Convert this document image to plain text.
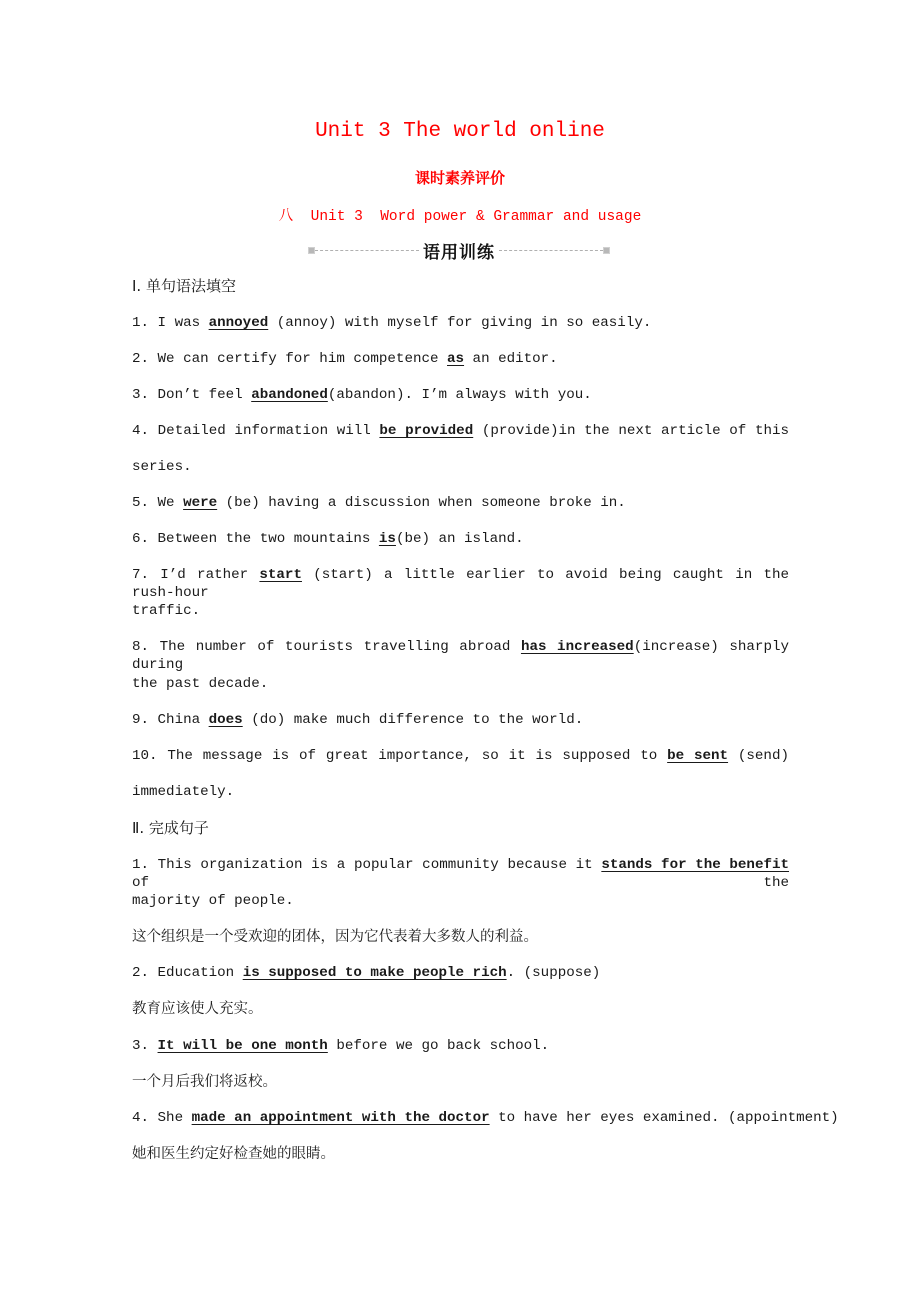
Unit 3 The world online
课时素养评价
八  Unit 3  Word power & Grammar and usage
语用训练
Ⅰ. 单句语法填空
1. I was annoyed (annoy) with myself for giving in so easily.
2. We can certify for him competence as an editor.
3. Don’t feel abandoned(abandon). I’m always with you.
4. Detailed information will be provided (provide)in the next article of this
series.
5. We were (be) having a discussion when someone broke in.
6. Between the two mountains is(be) an island.
7. I’d rather start (start) a little earlier to avoid being caught in the rush-hour
traffic.
8. The number of tourists travelling abroad has increased(increase) sharply during
the past decade.
9. China does (do) make much difference to the world.
10. The message is of great importance, so it is supposed to be sent (send)
immediately.
Ⅱ. 完成句子
1. This organization is a popular community because it stands for the benefit of the
majority of people.
这个组织是一个受欢迎的团体，因为它代表着大多数人的利益。
2. Education is supposed to make people rich. (suppose)
教育应该使人充实。
3. It will be one month before we go back school.
一个月后我们将返校。
4. She made an appointment with the doctor to have her eyes examined. (appointment)
她和医生约定好检查她的眼睛。
